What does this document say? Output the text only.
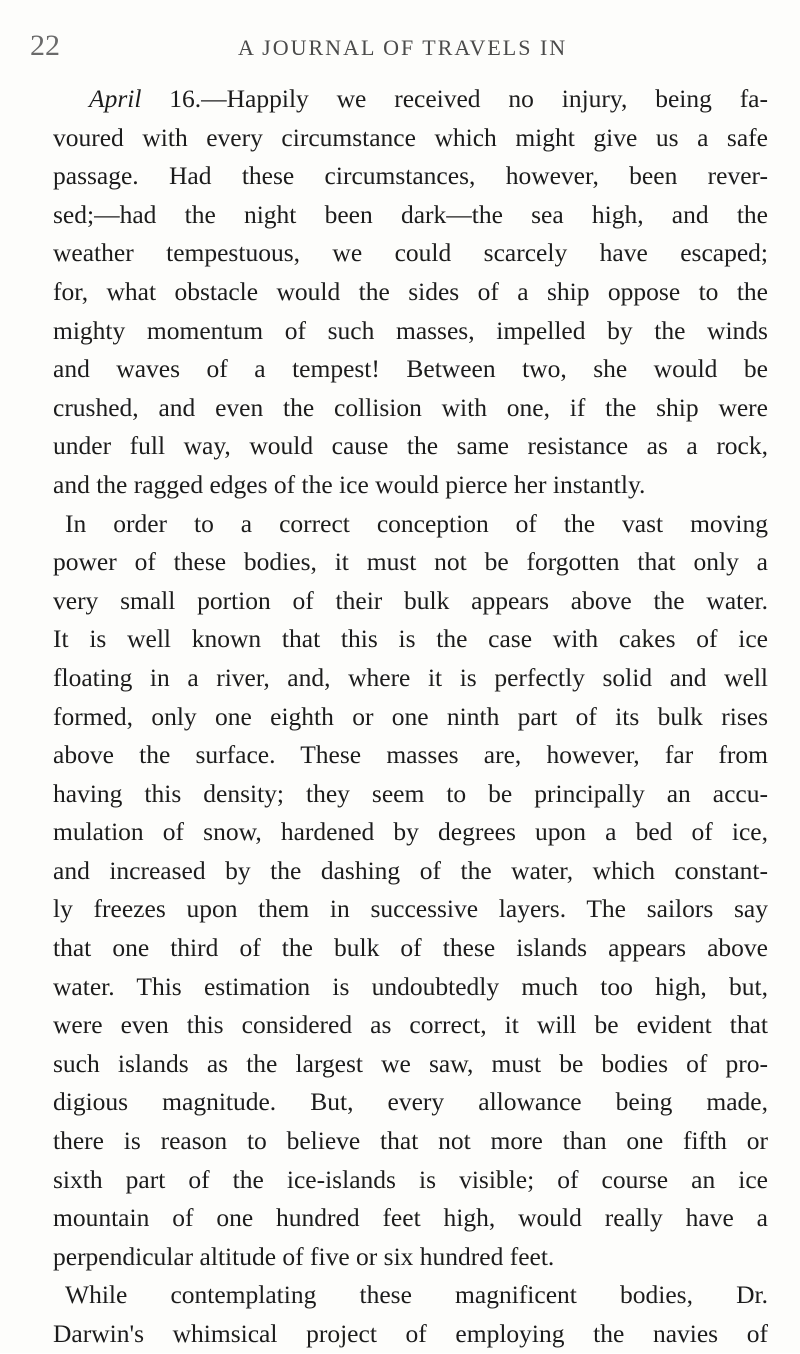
22	A JOURNAL OF TRAVELS IN
April 16.—Happily we received no injury, being fa-
voured with every circumstance which might give us a safe
passage. Had these circumstances, however, been rever-
sed;—had the night been dark—the sea high, and the
weather tempestuous, we could scarcely have escaped;
for, what obstacle would the sides of a ship oppose to the
mighty momentum of such masses, impelled by the winds
and waves of a tempest! Between two, she would be
crushed, and even the collision with one, if the ship were
under full way, would cause the same resistance as a rock,
and the ragged edges of the ice would pierce her instantly.
In order to a correct conception of the vast moving
power of these bodies, it must not be forgotten that only a
very small portion of their bulk appears above the water.
It is well known that this is the case with cakes of ice
floating in a river, and, where it is perfectly solid and well
formed, only one eighth or one ninth part of its bulk rises
above the surface. These masses are, however, far from
having this density; they seem to be principally an accu-
mulation of snow, hardened by degrees upon a bed of ice,
and increased by the dashing of the water, which constant-
ly freezes upon them in successive layers. The sailors say
that one third of the bulk of these islands appears above
water. This estimation is undoubtedly much too high, but,
were even this considered as correct, it will be evident that
such islands as the largest we saw, must be bodies of pro-
digious magnitude. But, every allowance being made,
there is reason to believe that not more than one fifth or
sixth part of the ice-islands is visible; of course an ice
mountain of one hundred feet high, would really have a
perpendicular altitude of five or six hundred feet.
While contemplating these magnificent bodies, Dr.
Darwin's whimsical project of employing the navies of
